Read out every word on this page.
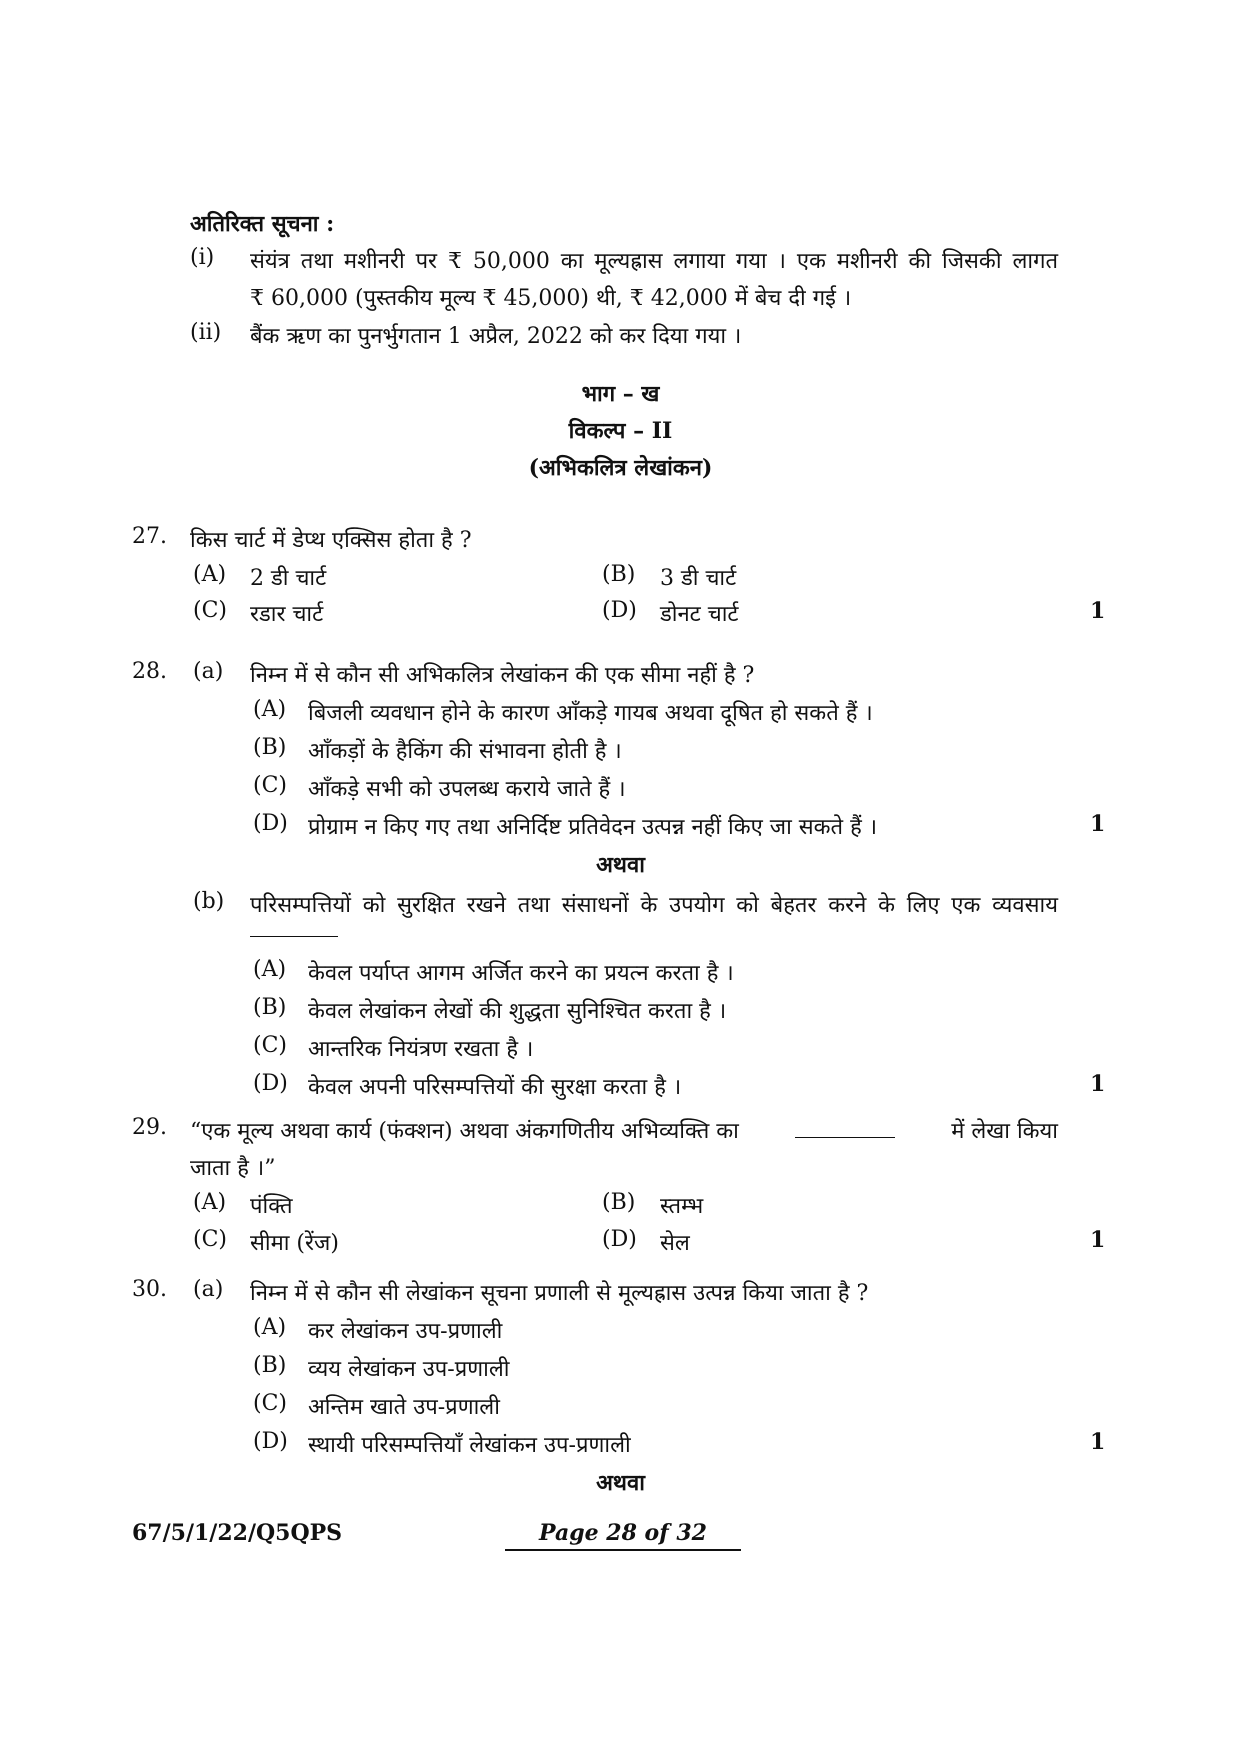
अतिरिक्त सूचना :
(i) संयंत्र तथा मशीनरी पर ₹ 50,000 का मूल्यह्रास लगाया गया । एक मशीनरी की जिसकी लागत
₹ 60,000 (पुस्तकीय मूल्य ₹ 45,000) थी, ₹ 42,000 में बेच दी गई ।
(ii) बैंक ऋण का पुनर्भुगतान 1 अप्रैल, 2022 को कर दिया गया ।
भाग – ख
विकल्प – II
(अभिकलित्र लेखांकन)
27. किस चार्ट में डेप्थ एक्सिस होता है ?
(A) 2 डी चार्ट	(B) 3 डी चार्ट
(C) रडार चार्ट	(D) डोनट चार्ट	1
28. (a) निम्न में से कौन सी अभिकलित्र लेखांकन की एक सीमा नहीं है ?
(A) बिजली व्यवधान होने के कारण आँकड़े गायब अथवा दूषित हो सकते हैं ।
(B) आँकड़ों के हैकिंग की संभावना होती है ।
(C) आँकड़े सभी को उपलब्ध कराये जाते हैं ।
(D) प्रोग्राम न किए गए तथा अनिर्दिष्ट प्रतिवेदन उत्पन्न नहीं किए जा सकते हैं ।	1
अथवा
(b) परिसम्पत्तियों को सुरक्षित रखने तथा संसाधनों के उपयोग को बेहतर करने के लिए एक व्यवसाय
(A) केवल पर्याप्त आगम अर्जित करने का प्रयत्न करता है ।
(B) केवल लेखांकन लेखों की शुद्धता सुनिश्चित करता है ।
(C) आन्तरिक नियंत्रण रखता है ।
(D) केवल अपनी परिसम्पत्तियों की सुरक्षा करता है ।	1
29. “एक मूल्य अथवा कार्य (फंक्शन) अथवा अंकगणितीय अभिव्यक्ति का	में लेखा किया
जाता है ।”
(A) पंक्ति	(B) स्तम्भ
(C) सीमा (रेंज)	(D) सेल	1
30. (a) निम्न में से कौन सी लेखांकन सूचना प्रणाली से मूल्यह्रास उत्पन्न किया जाता है ?
(A) कर लेखांकन उप-प्रणाली
(B) व्यय लेखांकन उप-प्रणाली
(C) अन्तिम खाते उप-प्रणाली
(D) स्थायी परिसम्पत्तियाँ लेखांकन उप-प्रणाली	1
अथवा
67/5/1/22/Q5QPS	Page 28 of 32
